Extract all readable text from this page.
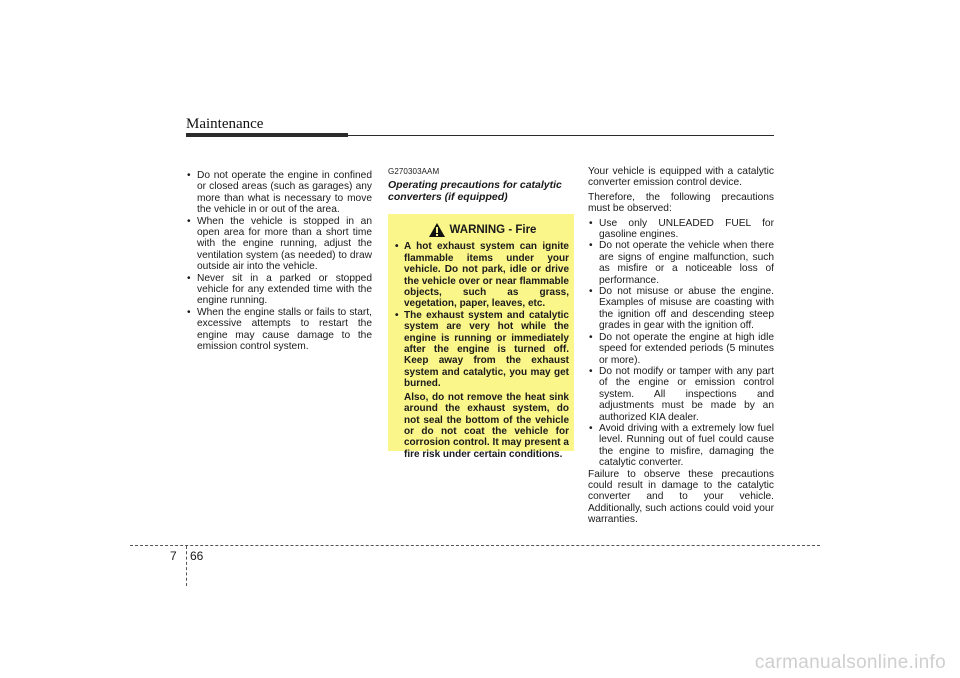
Maintenance
• Do not operate the engine in confined or closed areas (such as garages) any more than what is necessary to move the vehicle in or out of the area.
• When the vehicle is stopped in an open area for more than a short time with the engine running, adjust the ventilation system (as needed) to draw outside air into the vehicle.
• Never sit in a parked or stopped vehicle for any extended time with the engine running.
• When the engine stalls or fails to start, excessive attempts to restart the engine may cause damage to the emission control system.
G270303AAM
Operating precautions for catalytic converters (if equipped)
WARNING - Fire
• A hot exhaust system can ignite flammable items under your vehicle. Do not park, idle or drive the vehicle over or near flammable objects, such as grass, vegetation, paper, leaves, etc.
• The exhaust system and catalytic system are very hot while the engine is running or immediately after the engine is turned off. Keep away from the exhaust system and catalytic, you may get burned.
Also, do not remove the heat sink around the exhaust system, do not seal the bottom of the vehicle or do not coat the vehicle for corrosion control. It may present a fire risk under certain conditions.

Your vehicle is equipped with a catalytic converter emission control device.

Therefore, the following precautions must be observed:

• Use only UNLEADED FUEL for gasoline engines.
• Do not operate the vehicle when there are signs of engine malfunction, such as misfire or a noticeable loss of performance.
• Do not misuse or abuse the engine. Examples of misuse are coasting with the ignition off and descending steep grades in gear with the ignition off.
• Do not operate the engine at high idle speed for extended periods (5 minutes or more).
• Do not modify or tamper with any part of the engine or emission control system. All inspections and adjustments must be made by an authorized KIA dealer.
• Avoid driving with a extremely low fuel level. Running out of fuel could cause the engine to misfire, damaging the catalytic converter.

Failure to observe these precautions could result in damage to the catalytic converter and to your vehicle. Additionally, such actions could void your warranties.

7 66
carmanualsonline.info
